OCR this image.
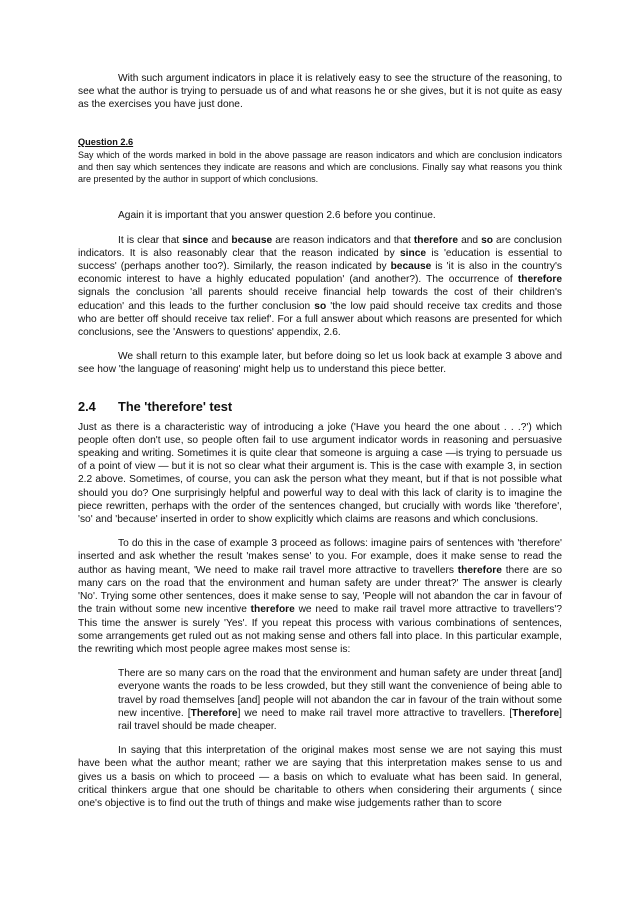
With such argument indicators in place it is relatively easy to see the structure of the reasoning, to see what the author is trying to persuade us of and what reasons he or she gives, but it is not quite as easy as the exercises you have just done.

Question 2.6

Say which of the words marked in bold in the above passage are reason indicators and which are conclusion indicators and then say which sentences they indicate are reasons and which are conclusions. Finally say what reasons you think are presented by the author in support of which conclusions.

Again it is important that you answer question 2.6 before you continue.

It is clear that since and because are reason indicators and that therefore and so are conclusion indicators. It is also reasonably clear that the reason indicated by since is 'education is essential to success' (perhaps another too?). Similarly, the reason indicated by because is 'it is also in the country's economic interest to have a highly educated population' (and another?). The occurrence of therefore signals the conclusion 'all parents should receive financial help towards the cost of their children's education' and this leads to the further conclusion so 'the low paid should receive tax credits and those who are better off should receive tax relief'. For a full answer about which reasons are presented for which conclusions, see the 'Answers to questions' appendix, 2.6.

We shall return to this example later, but before doing so let us look back at example 3 above and see how 'the language of reasoning' might help us to understand this piece better.

2.4	The 'therefore' test

Just as there is a characteristic way of introducing a joke ('Have you heard the one about . . .?') which people often don't use, so people often fail to use argument indicator words in reasoning and persuasive speaking and writing. Sometimes it is quite clear that someone is arguing a case —is trying to persuade us of a point of view — but it is not so clear what their argument is. This is the case with example 3, in section 2.2 above. Sometimes, of course, you can ask the person what they meant, but if that is not possible what should you do? One surprisingly helpful and powerful way to deal with this lack of clarity is to imagine the piece rewritten, perhaps with the order of the sentences changed, but crucially with words like 'therefore', 'so' and 'because' inserted in order to show explicitly which claims are reasons and which conclusions.

To do this in the case of example 3 proceed as follows: imagine pairs of sentences with 'therefore' inserted and ask whether the result 'makes sense' to you. For example, does it make sense to read the author as having meant, 'We need to make rail travel more attractive to travellers therefore there are so many cars on the road that the environment and human safety are under threat?' The answer is clearly 'No'. Trying some other sentences, does it make sense to say, 'People will not abandon the car in favour of the train without some new incentive therefore we need to make rail travel more attractive to travellers'? This time the answer is surely 'Yes'. If you repeat this process with various combinations of sentences, some arrangements get ruled out as not making sense and others fall into place. In this particular example, the rewriting which most people agree makes most sense is:

There are so many cars on the road that the environment and human safety are under threat [and] everyone wants the roads to be less crowded, but they still want the convenience of being able to travel by road themselves [and] people will not abandon the car in favour of the train without some new incentive. [Therefore] we need to make rail travel more attractive to travellers. [Therefore] rail travel should be made cheaper.

In saying that this interpretation of the original makes most sense we are not saying this must have been what the author meant; rather we are saying that this interpretation makes sense to us and gives us a basis on which to proceed — a basis on which to evaluate what has been said. In general, critical thinkers argue that one should be charitable to others when considering their arguments ( since one's objective is to find out the truth of things and make wise judgements rather than to score
